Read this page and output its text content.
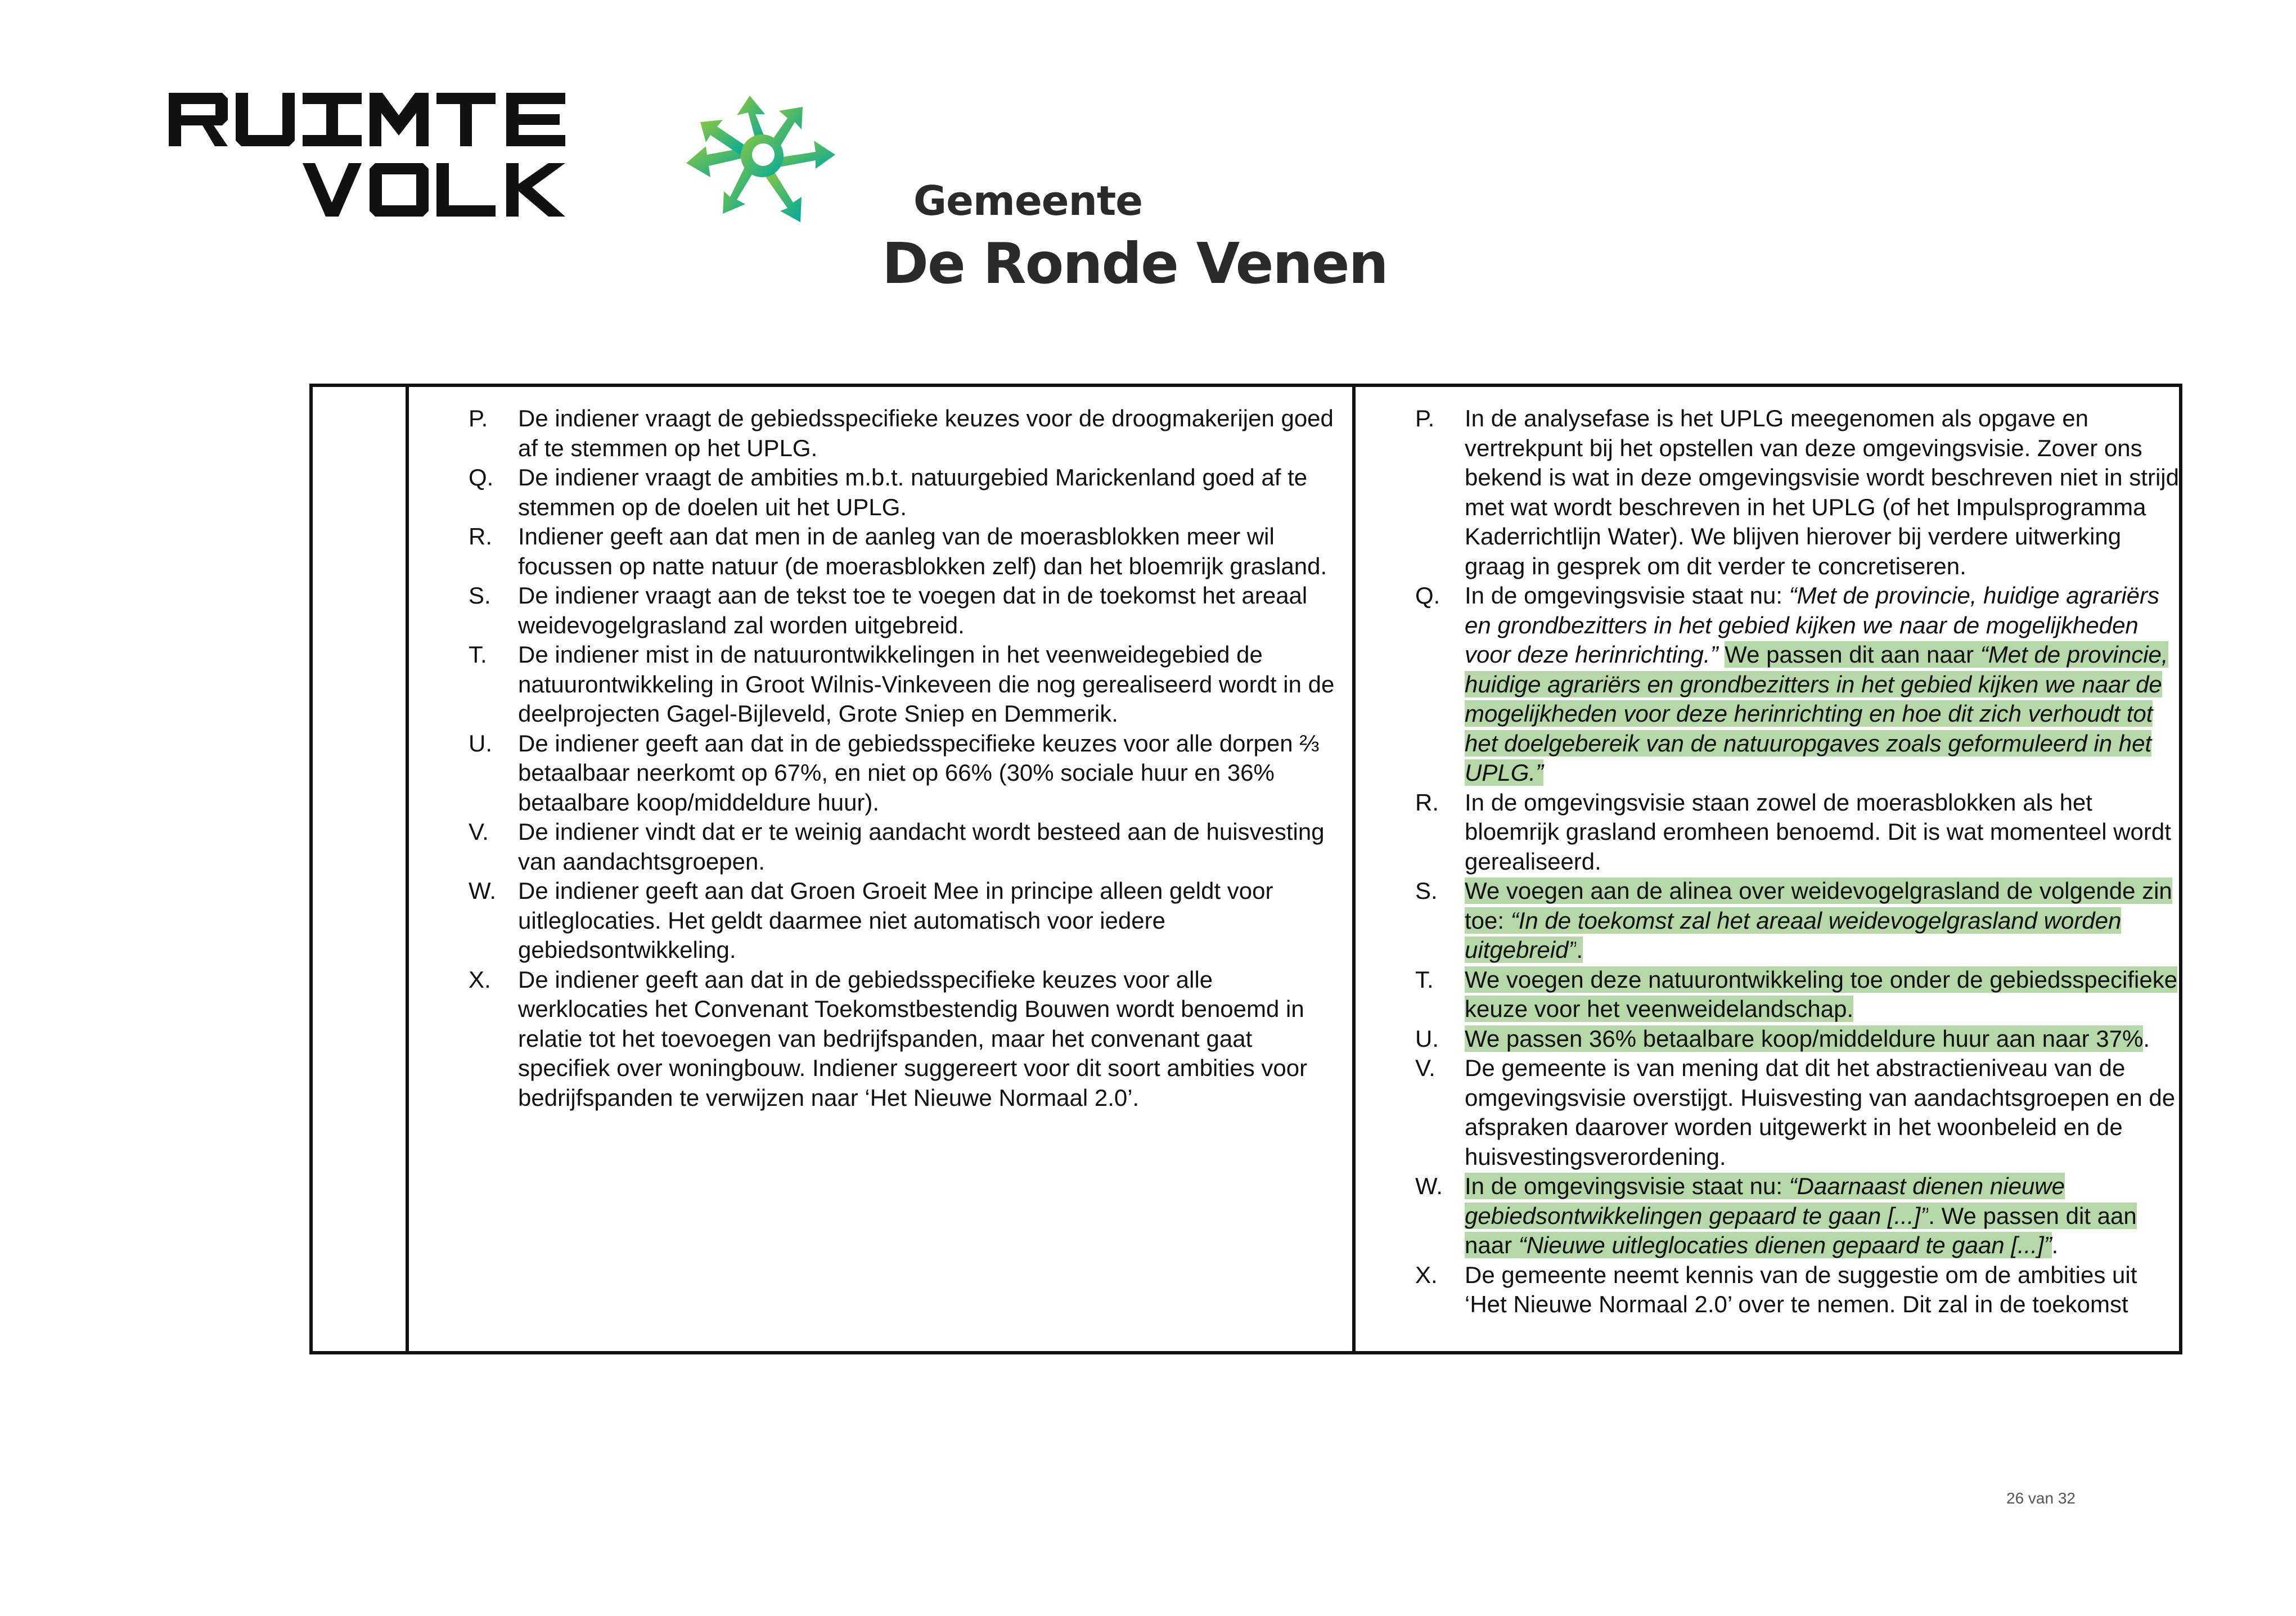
Gemeente
De Ronde Venen
P.	De indiener vraagt de gebiedsspecifieke keuzes voor de droogmakerijen goed af te stemmen op het UPLG.
Q.	De indiener vraagt de ambities m.b.t. natuurgebied Marickenland goed af te stemmen op de doelen uit het UPLG.
R.	Indiener geeft aan dat men in de aanleg van de moerasblokken meer wil focussen op natte natuur (de moerasblokken zelf) dan het bloemrijk grasland.
S.	De indiener vraagt aan de tekst toe te voegen dat in de toekomst het areaal weidevogelgrasland zal worden uitgebreid.
T.	De indiener mist in de natuurontwikkelingen in het veenweidegebied de natuurontwikkeling in Groot Wilnis-Vinkeveen die nog gerealiseerd wordt in de deelprojecten Gagel-Bijleveld, Grote Sniep en Demmerik.
U.	De indiener geeft aan dat in de gebiedsspecifieke keuzes voor alle dorpen ⅔ betaalbaar neerkomt op 67%, en niet op 66% (30% sociale huur en 36% betaalbare koop/middeldure huur).
V.	De indiener vindt dat er te weinig aandacht wordt besteed aan de huisvesting van aandachtsgroepen.
W. De indiener geeft aan dat Groen Groeit Mee in principe alleen geldt voor uitleglocaties. Het geldt daarmee niet automatisch voor iedere gebiedsontwikkeling.
X.	De indiener geeft aan dat in de gebiedsspecifieke keuzes voor alle werklocaties het Convenant Toekomstbestendig Bouwen wordt benoemd in relatie tot het toevoegen van bedrijfspanden, maar het convenant gaat specifiek over woningbouw. Indiener suggereert voor dit soort ambities voor bedrijfspanden te verwijzen naar ‘Het Nieuwe Normaal 2.0’.
P.	In de analysefase is het UPLG meegenomen als opgave en vertrekpunt bij het opstellen van deze omgevingsvisie. Zover ons bekend is wat in deze omgevingsvisie wordt beschreven niet in strijd met wat wordt beschreven in het UPLG (of het Impulsprogramma Kaderrichtlijn Water). We blijven hierover bij verdere uitwerking graag in gesprek om dit verder te concretiseren.
Q.	In de omgevingsvisie staat nu: “Met de provincie, huidige agrariërs en grondbezitters in het gebied kijken we naar de mogelijkheden voor deze herinrichting.” We passen dit aan naar “Met de provincie, huidige agrariërs en grondbezitters in het gebied kijken we naar de mogelijkheden voor deze herinrichting en hoe dit zich verhoudt tot het doelgebereik van de natuuropgaves zoals geformuleerd in het UPLG.”
R.	In de omgevingsvisie staan zowel de moerasblokken als het bloemrijk grasland eromheen benoemd. Dit is wat momenteel wordt gerealiseerd.
S.	We voegen aan de alinea over weidevogelgrasland de volgende zin toe: “In de toekomst zal het areaal weidevogelgrasland worden uitgebreid”.
T.	We voegen deze natuurontwikkeling toe onder de gebiedsspecifieke keuze voor het veenweidelandschap.
U.	We passen 36% betaalbare koop/middeldure huur aan naar 37%.
V.	De gemeente is van mening dat dit het abstractieniveau van de omgevingsvisie overstijgt. Huisvesting van aandachtsgroepen en de afspraken daarover worden uitgewerkt in het woonbeleid en de huisvestingsverordening.
W. In de omgevingsvisie staat nu: “Daarnaast dienen nieuwe gebiedsontwikkelingen gepaard te gaan [...]”. We passen dit aan naar “Nieuwe uitleglocaties dienen gepaard te gaan [...]”.
X.	De gemeente neemt kennis van de suggestie om de ambities uit ‘Het Nieuwe Normaal 2.0’ over te nemen. Dit zal in de toekomst
26 van 32
